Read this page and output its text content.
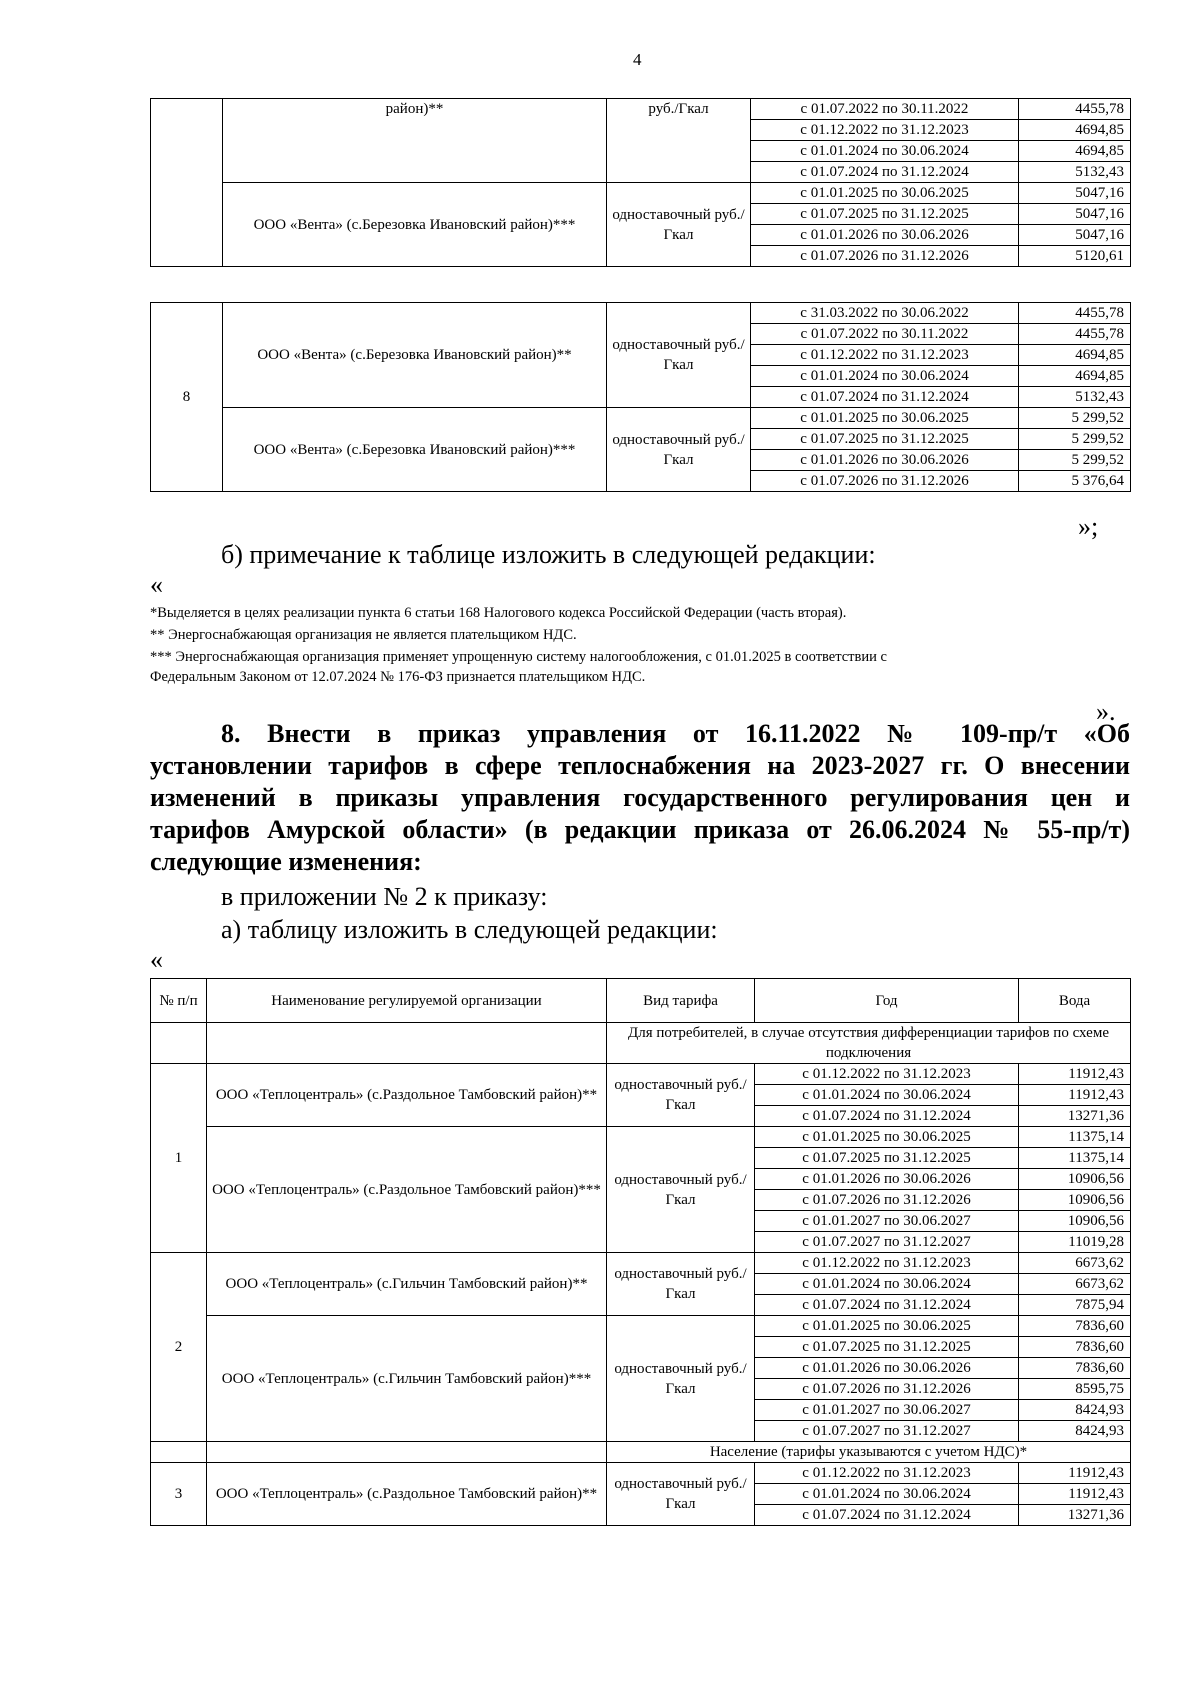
4
	район)**	руб./Гкал	с 01.07.2022 по 30.11.2022	4455,78
			с 01.12.2022 по 31.12.2023	4694,85
			с 01.01.2024 по 30.06.2024	4694,85
			с 01.07.2024 по 31.12.2024	5132,43
	ООО «Вента» (с.Березовка Ивановский район)***	одноставочный руб./Гкал	с 01.01.2025 по 30.06.2025	5047,16
			с 01.07.2025 по 31.12.2025	5047,16
			с 01.01.2026 по 30.06.2026	5047,16
			с 01.07.2026 по 31.12.2026	5120,61
8	ООО «Вента» (с.Березовка Ивановский район)**	одноставочный руб./Гкал	с 31.03.2022 по 30.06.2022	4455,78
			с 01.07.2022 по 30.11.2022	4455,78
			с 01.12.2022 по 31.12.2023	4694,85
			с 01.01.2024 по 30.06.2024	4694,85
			с 01.07.2024 по 31.12.2024	5132,43
	ООО «Вента» (с.Березовка Ивановский район)***	одноставочный руб./Гкал	с 01.01.2025 по 30.06.2025	5 299,52
			с 01.07.2025 по 31.12.2025	5 299,52
			с 01.01.2026 по 30.06.2026	5 299,52
			с 01.07.2026 по 31.12.2026	5 376,64
»;
б) примечание к таблице изложить в следующей редакции:
«
*Выделяется в целях реализации пункта 6 статьи 168 Налогового кодекса Российской Федерации (часть вторая).
** Энергоснабжающая организация не является плательщиком НДС.
*** Энергоснабжающая организация применяет упрощенную систему налогообложения, с 01.01.2025 в соответствии с
Федеральным Законом от 12.07.2024 № 176-ФЗ признается плательщиком НДС.
».
8. Внести в приказ управления от 16.11.2022 № 109-пр/т «Об
установлении тарифов в сфере теплоснабжения на 2023-2027 гг. О внесении
изменений в приказы управления государственного регулирования цен и
тарифов Амурской области» (в редакции приказа от 26.06.2024 № 55-пр/т)
следующие изменения:
в приложении № 2 к приказу:
а) таблицу изложить в следующей редакции:
«
№ п/п	Наименование регулируемой организации	Вид тарифа	Год	Вода
		Для потребителей, в случае отсутствия дифференциации тарифов по схеме подключения		
1	ООО «Теплоцентраль» (с.Раздольное Тамбовский район)**	одноставочный руб./Гкал	с 01.12.2022 по 31.12.2023	11912,43
			с 01.01.2024 по 30.06.2024	11912,43
			с 01.07.2024 по 31.12.2024	13271,36
	ООО «Теплоцентраль» (с.Раздольное Тамбовский район)***	одноставочный руб./Гкал	с 01.01.2025 по 30.06.2025	11375,14
			с 01.07.2025 по 31.12.2025	11375,14
			с 01.01.2026 по 30.06.2026	10906,56
			с 01.07.2026 по 31.12.2026	10906,56
			с 01.01.2027 по 30.06.2027	10906,56
			с 01.07.2027 по 31.12.2027	11019,28
2	ООО «Теплоцентраль» (с.Гильчин Тамбовский район)**	одноставочный руб./Гкал	с 01.12.2022 по 31.12.2023	6673,62
			с 01.01.2024 по 30.06.2024	6673,62
			с 01.07.2024 по 31.12.2024	7875,94
	ООО «Теплоцентраль» (с.Гильчин Тамбовский район)***	одноставочный руб./Гкал	с 01.01.2025 по 30.06.2025	7836,60
			с 01.07.2025 по 31.12.2025	7836,60
			с 01.01.2026 по 30.06.2026	7836,60
			с 01.07.2026 по 31.12.2026	8595,75
			с 01.01.2027 по 30.06.2027	8424,93
			с 01.07.2027 по 31.12.2027	8424,93
		Население (тарифы указываются с учетом НДС)*		
3	ООО «Теплоцентраль» (с.Раздольное Тамбовский район)**	одноставочный руб./Гкал	с 01.12.2022 по 31.12.2023	11912,43
			с 01.01.2024 по 30.06.2024	11912,43
			с 01.07.2024 по 31.12.2024	13271,36
